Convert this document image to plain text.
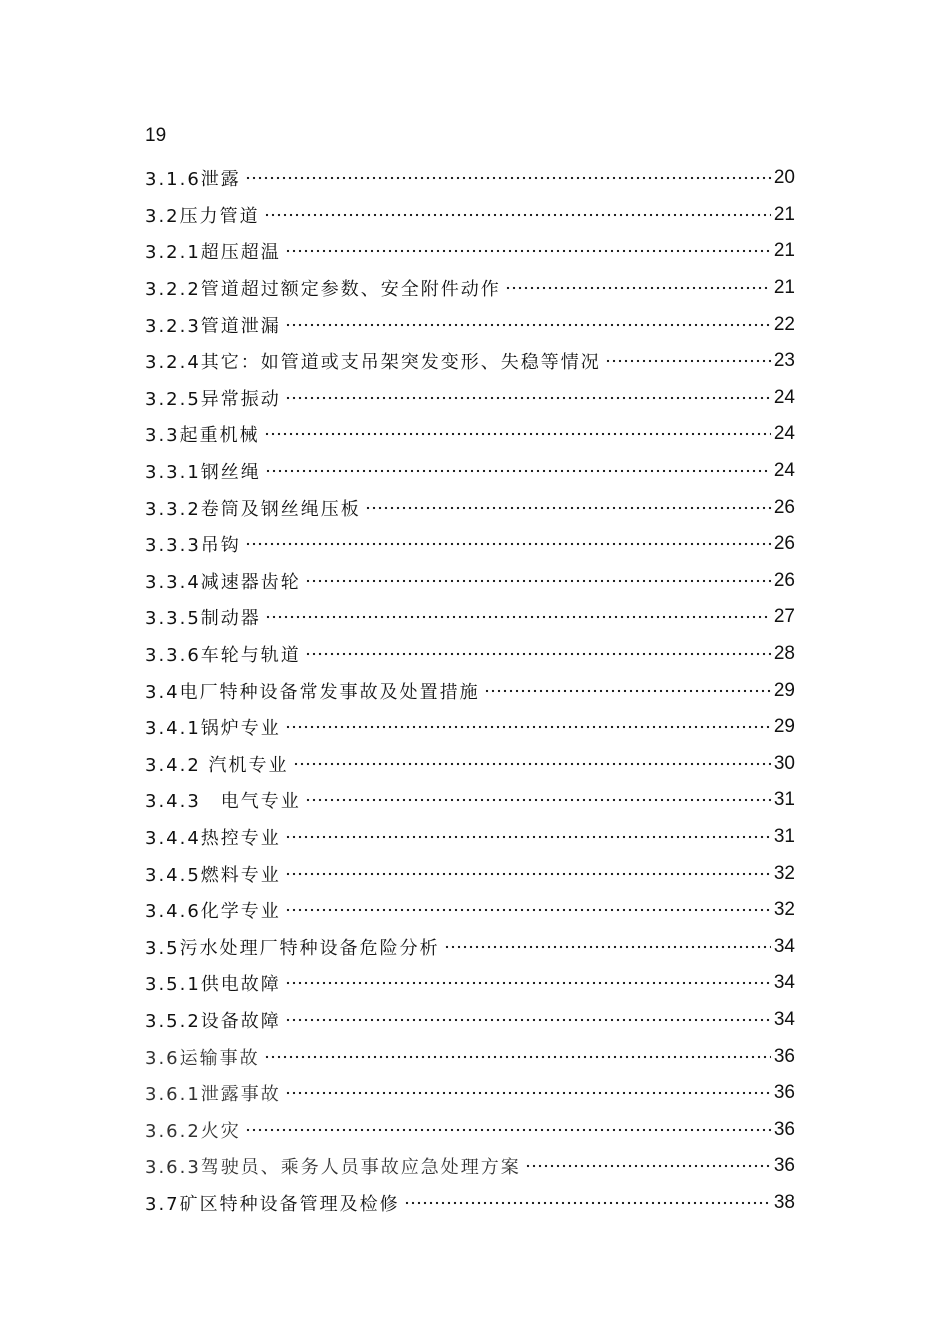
19
3.1.6泄露	20
3.2压力管道	21
3.2.1超压超温	21
3.2.2管道超过额定参数、安全附件动作	21
3.2.3管道泄漏	22
3.2.4其它：如管道或支吊架突发变形、失稳等情况	23
3.2.5异常振动	24
3.3起重机械	24
3.3.1钢丝绳	24
3.3.2卷筒及钢丝绳压板	26
3.3.3吊钩	26
3.3.4减速器齿轮	26
3.3.5制动器	27
3.3.6车轮与轨道	28
3.4电厂特种设备常发事故及处置措施	29
3.4.1锅炉专业	29
3.4.2 汽机专业	30
3.4.3　电气专业	31
3.4.4热控专业	31
3.4.5燃料专业	32
3.4.6化学专业	32
3.5污水处理厂特种设备危险分析	34
3.5.1供电故障	34
3.5.2设备故障	34
3.6运输事故	36
3.6.1泄露事故	36
3.6.2火灾	36
3.6.3驾驶员、乘务人员事故应急处理方案	36
3.7矿区特种设备管理及检修	38
